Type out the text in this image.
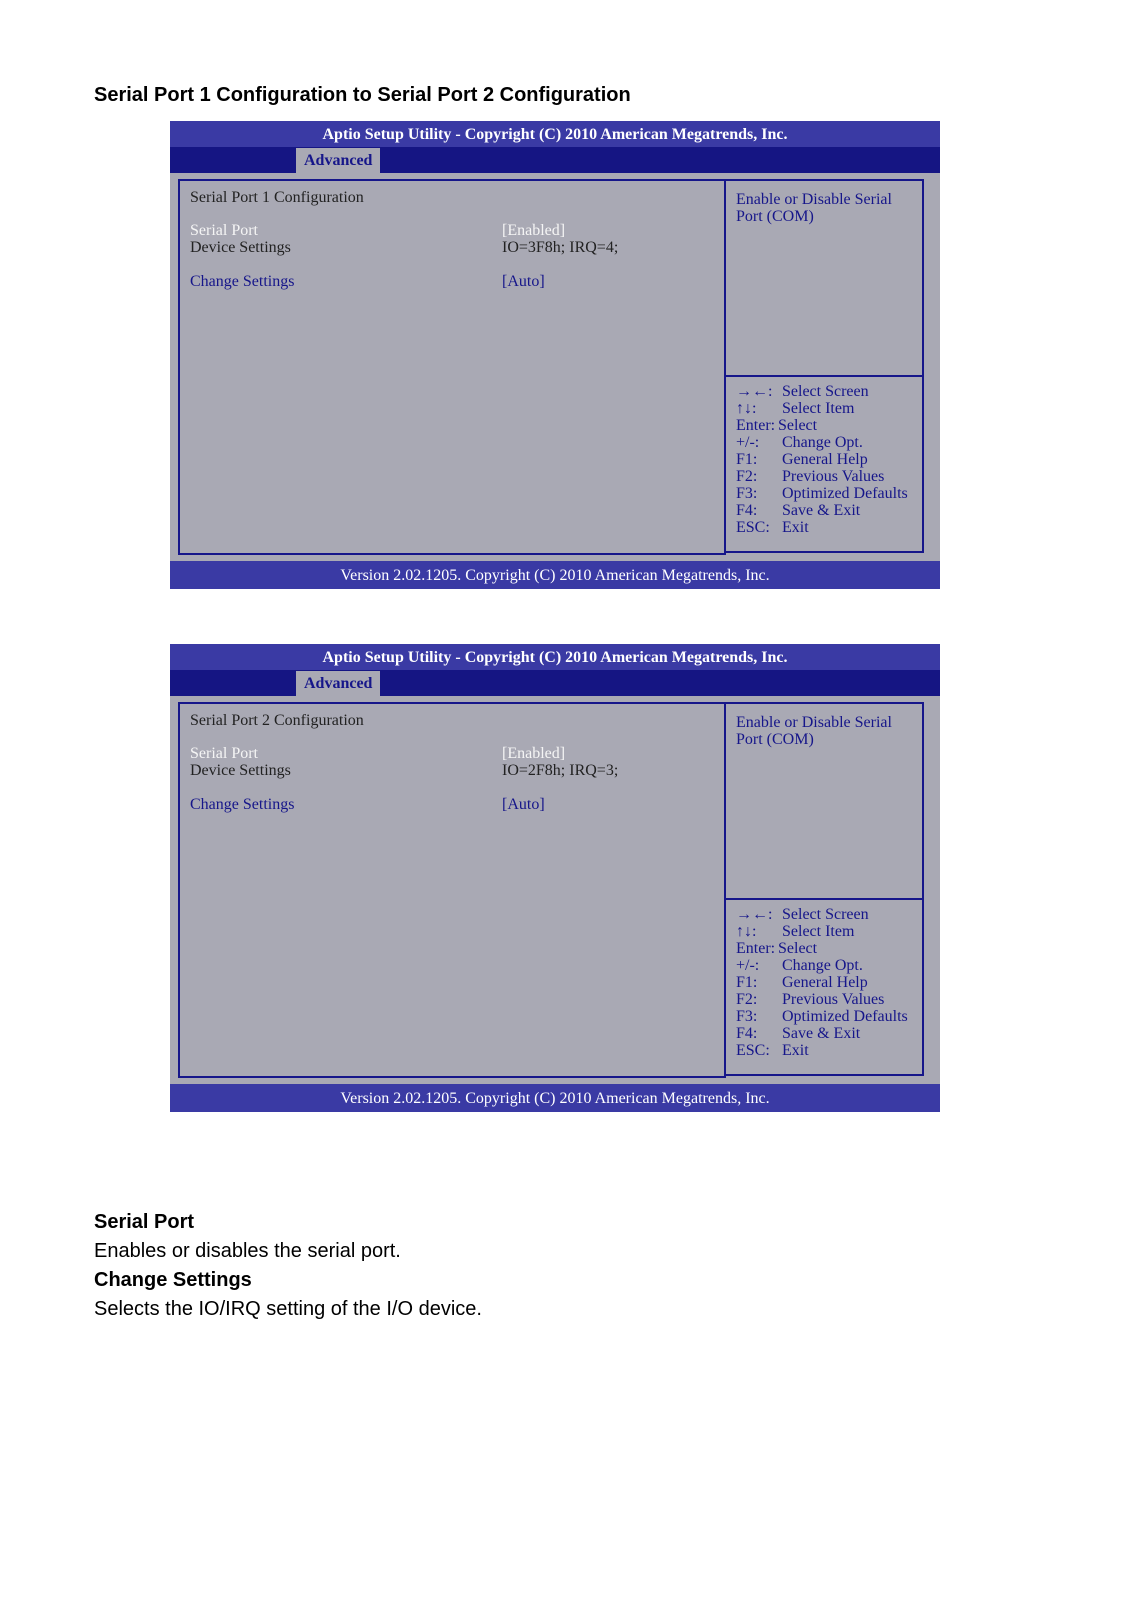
Serial Port 1 Configuration to Serial Port 2 Configuration
Aptio Setup Utility - Copyright (C) 2010 American Megatrends, Inc.
Advanced
Serial Port 1 Configuration
Serial Port	[Enabled]
Device Settings	IO=3F8h; IRQ=4;
Change Settings	[Auto]
Enable or Disable Serial
Port (COM)
→←: Select Screen
↑↓: Select Item
Enter: Select
+/-: Change Opt.
F1: General Help
F2: Previous Values
F3: Optimized Defaults
F4: Save & Exit
ESC: Exit
Version 2.02.1205. Copyright (C) 2010 American Megatrends, Inc.
Aptio Setup Utility - Copyright (C) 2010 American Megatrends, Inc.
Advanced
Serial Port 2 Configuration
Serial Port	[Enabled]
Device Settings	IO=2F8h; IRQ=3;
Change Settings	[Auto]
Enable or Disable Serial
Port (COM)
→←: Select Screen
↑↓: Select Item
Enter: Select
+/-: Change Opt.
F1: General Help
F2: Previous Values
F3: Optimized Defaults
F4: Save & Exit
ESC: Exit
Version 2.02.1205. Copyright (C) 2010 American Megatrends, Inc.

Serial Port

Enables or disables the serial port.

Change Settings

Selects the IO/IRQ setting of the I/O device.
